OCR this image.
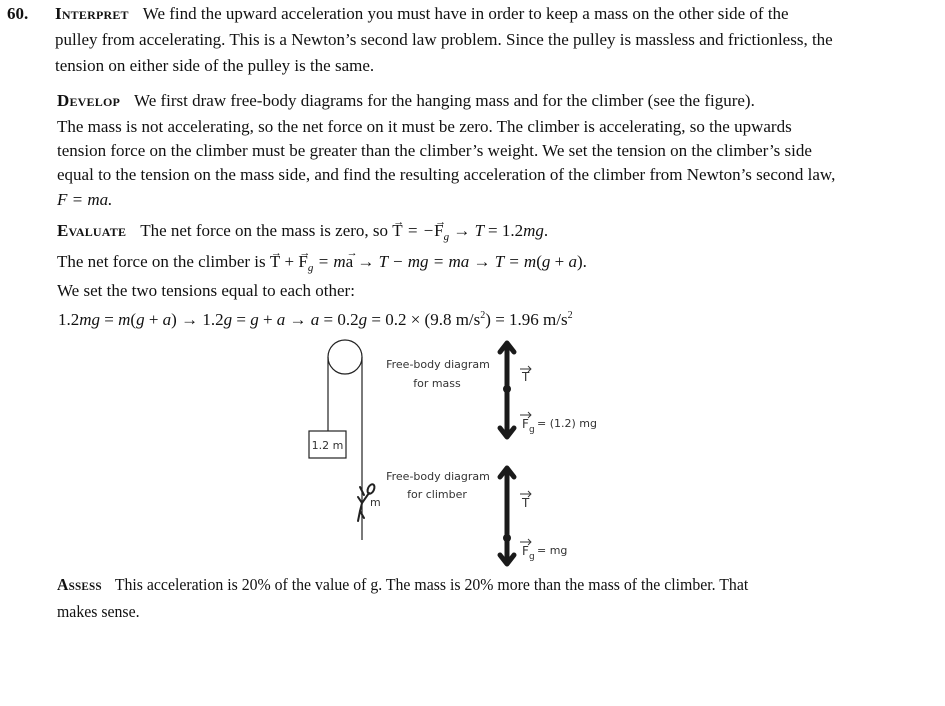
60. Interpret We find the upward acceleration you must have in order to keep a mass on the other side of the
pulley from accelerating. This is a Newton’s second law problem. Since the pulley is massless and frictionless, the
tension on either side of the pulley is the same.
Develop We first draw free-body diagrams for the hanging mass and for the climber (see the figure).
The mass is not accelerating, so the net force on it must be zero. The climber is accelerating, so the upwards
tension force on the climber must be greater than the climber’s weight. We set the tension on the climber’s side
equal to the tension on the mass side, and find the resulting acceleration of the climber from Newton’s second law,
F = ma.
Evaluate The net force on the mass is zero, so T → = $-F \to_g \to T = 1.2mg$.
The net force on the climber is T → + $F \to_g$ = ma → → T − mg = ma → T = m(g + a).
We set the two tensions equal to each other:
1.2mg = m(g + a) → 1.2g = g + a → a = 0.2g = 0.2 × (9.8 $m/s^2) = 1.96$ $m/s^2$
1.2 m
m
Free-body diagram
for mass	T
F g = (1.2) mg
Free-body diagram
for climber
T
F g = mg
Assess This acceleration is 20% of the value of g. The mass is 20% more than the mass of the climber. That
makes sense.
